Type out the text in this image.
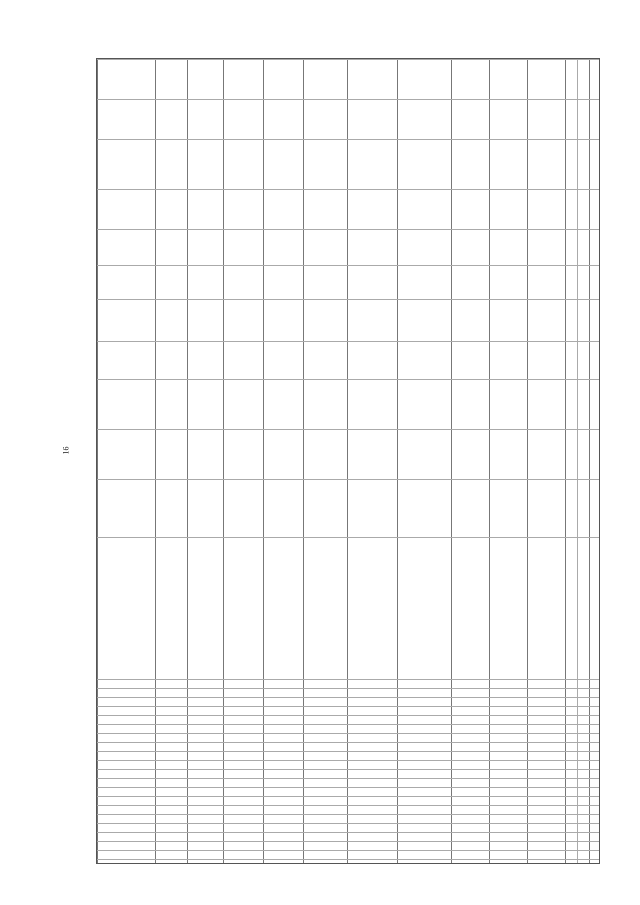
16
